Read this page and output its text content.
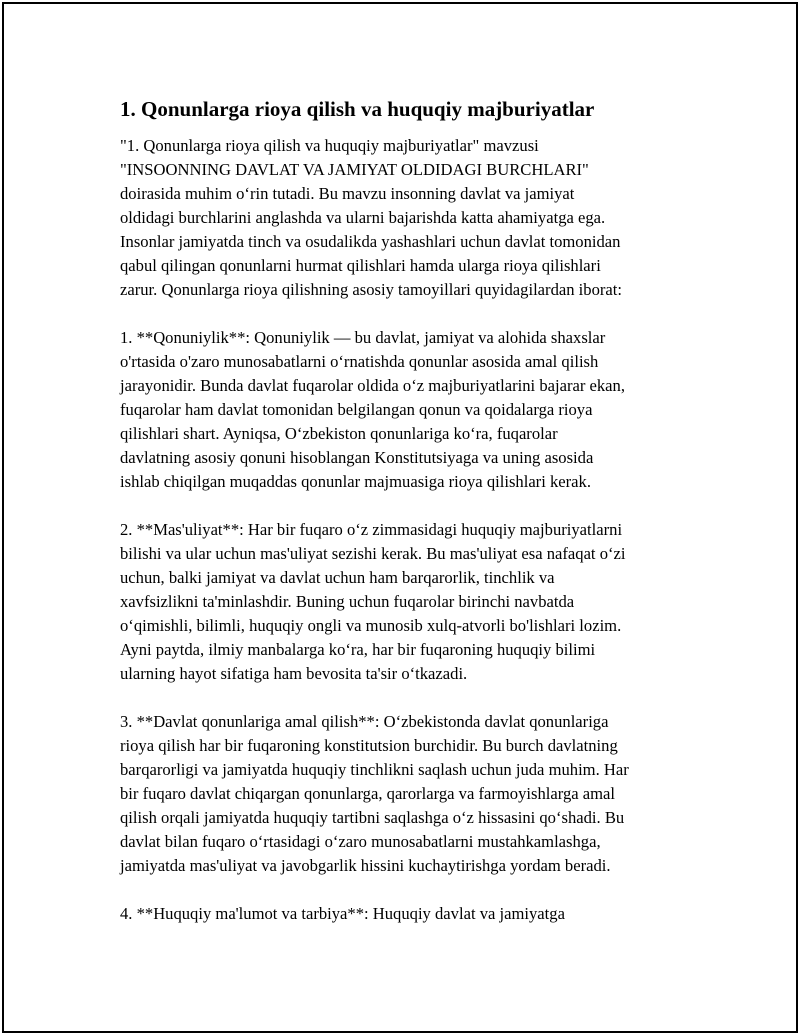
1. Qonunlarga rioya qilish va huquqiy majburiyatlar

"1. Qonunlarga rioya qilish va huquqiy majburiyatlar" mavzusi
"INSOONNING DAVLAT VA JAMIYAT OLDIDAGI BURCHLARI"
doirasida muhim o‘rin tutadi. Bu mavzu insonning davlat va jamiyat
oldidagi burchlarini anglashda va ularni bajarishda katta ahamiyatga ega.
Insonlar jamiyatda tinch va osudalikda yashashlari uchun davlat tomonidan
qabul qilingan qonunlarni hurmat qilishlari hamda ularga rioya qilishlari
zarur. Qonunlarga rioya qilishning asosiy tamoyillari quyidagilardan iborat:

1. **Qonuniylik**: Qonuniylik — bu davlat, jamiyat va alohida shaxslar
o'rtasida o'zaro munosabatlarni o‘rnatishda qonunlar asosida amal qilish
jarayonidir. Bunda davlat fuqarolar oldida o‘z majburiyatlarini bajarar ekan,
fuqarolar ham davlat tomonidan belgilangan qonun va qoidalarga rioya
qilishlari shart. Ayniqsa, O‘zbekiston qonunlariga ko‘ra, fuqarolar
davlatning asosiy qonuni hisoblangan Konstitutsiyaga va uning asosida
ishlab chiqilgan muqaddas qonunlar majmuasiga rioya qilishlari kerak.

2. **Mas'uliyat**: Har bir fuqaro o‘z zimmasidagi huquqiy majburiyatlarni
bilishi va ular uchun mas'uliyat sezishi kerak. Bu mas'uliyat esa nafaqat o‘zi
uchun, balki jamiyat va davlat uchun ham barqarorlik, tinchlik va
xavfsizlikni ta'minlashdir. Buning uchun fuqarolar birinchi navbatda
o‘qimishli, bilimli, huquqiy ongli va munosib xulq-atvorli bo'lishlari lozim.
Ayni paytda, ilmiy manbalarga ko‘ra, har bir fuqaroning huquqiy bilimi
ularning hayot sifatiga ham bevosita ta'sir o‘tkazadi.

3. **Davlat qonunlariga amal qilish**: O‘zbekistonda davlat qonunlariga
rioya qilish har bir fuqaroning konstitutsion burchidir. Bu burch davlatning
barqarorligi va jamiyatda huquqiy tinchlikni saqlash uchun juda muhim. Har
bir fuqaro davlat chiqargan qonunlarga, qarorlarga va farmoyishlarga amal
qilish orqali jamiyatda huquqiy tartibni saqlashga o‘z hissasini qo‘shadi. Bu
davlat bilan fuqaro o‘rtasidagi o‘zaro munosabatlarni mustahkamlashga,
jamiyatda mas'uliyat va javobgarlik hissini kuchaytirishga yordam beradi.

4. **Huquqiy ma'lumot va tarbiya**: Huquqiy davlat va jamiyatga
